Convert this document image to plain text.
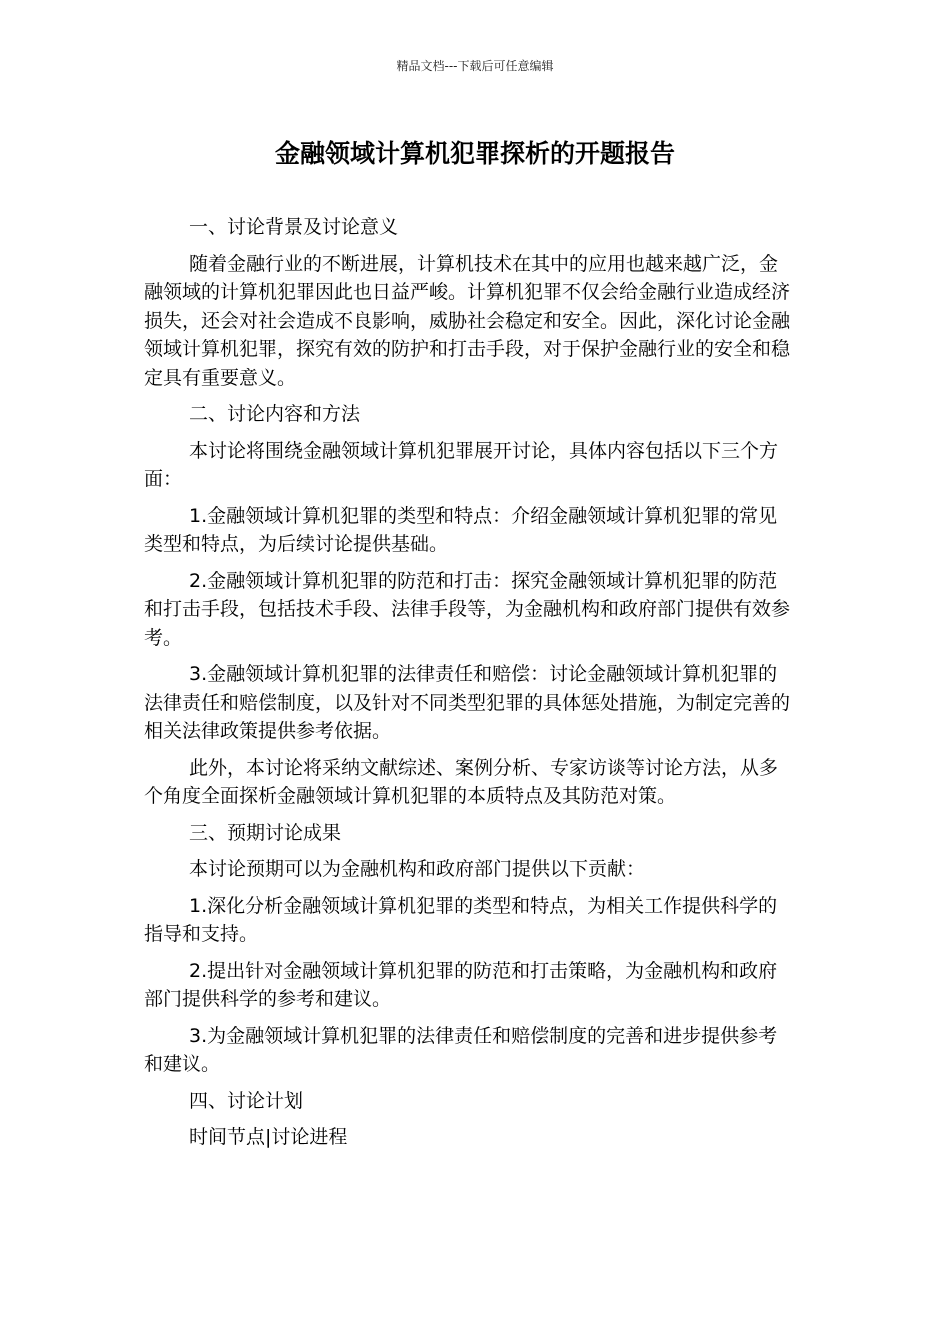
精品文档---下载后可任意编辑
金融领域计算机犯罪探析的开题报告

一、讨论背景及讨论意义

随着金融行业的不断进展，计算机技术在其中的应用也越来越广泛，金融领域的计算机犯罪因此也日益严峻。计算机犯罪不仅会给金融行业造成经济损失，还会对社会造成不良影响，威胁社会稳定和安全。因此，深化讨论金融领域计算机犯罪，探究有效的防护和打击手段，对于保护金融行业的安全和稳定具有重要意义。

二、讨论内容和方法

本讨论将围绕金融领域计算机犯罪展开讨论，具体内容包括以下三个方面：

1.金融领域计算机犯罪的类型和特点：介绍金融领域计算机犯罪的常见类型和特点，为后续讨论提供基础。

2.金融领域计算机犯罪的防范和打击：探究金融领域计算机犯罪的防范和打击手段，包括技术手段、法律手段等，为金融机构和政府部门提供有效参考。

3.金融领域计算机犯罪的法律责任和赔偿：讨论金融领域计算机犯罪的法律责任和赔偿制度，以及针对不同类型犯罪的具体惩处措施，为制定完善的相关法律政策提供参考依据。

此外，本讨论将采纳文献综述、案例分析、专家访谈等讨论方法，从多个角度全面探析金融领域计算机犯罪的本质特点及其防范对策。

三、预期讨论成果

本讨论预期可以为金融机构和政府部门提供以下贡献：

1.深化分析金融领域计算机犯罪的类型和特点，为相关工作提供科学的指导和支持。

2.提出针对金融领域计算机犯罪的防范和打击策略，为金融机构和政府部门提供科学的参考和建议。

3.为金融领域计算机犯罪的法律责任和赔偿制度的完善和进步提供参考和建议。

四、讨论计划

时间节点|讨论进程
